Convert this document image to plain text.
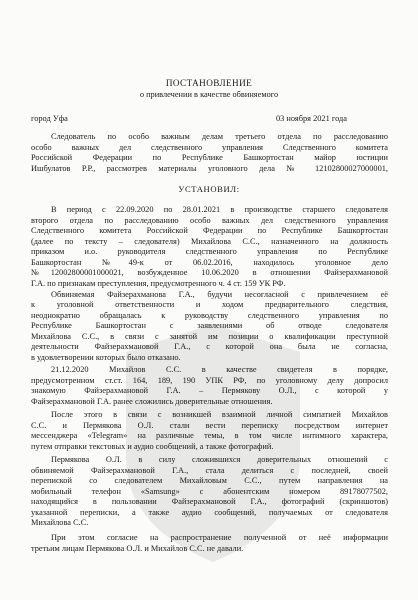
ПОСТАНОВЛЕНИЕ
о привлечении в качестве обвиняемого
город Уфа	03 ноября 2021 года
Следователь по особо важным делам третьего отдела по расследованию
особо важных дел следственного управления Следственного комитета
Российской Федерации по Республике Башкортостан майор юстиции
Ишбулатов Р.Р., рассмотрев материалы уголовного дела № 12102800027000001,
УСТАНОВИЛ:
В период с 22.09.2020 по 28.01.2021 в производстве старшего следователя
второго отдела по расследованию особо важных дел следственного управления
Следственного комитета Российской Федерации по Республике Башкортостан
(далее по тексту – следователя) Михайлова С.С., назначенного на должность
приказом и.о. руководителя следственного управления по Республике
Башкортостан №49-к от 06.02.2016, находилось уголовное дело
№12002800001000021, возбужденное 10.06.2020 в отношении Файзерахмановой
Г.А. по признакам преступления, предусмотренного ч. 4 ст. 159 УК РФ.
Обвиняемая Файзерахманова Г.А., будучи несогласной с привлечением её
к уголовной ответственности и ходом предварительного следствия,
неоднократно обращалась к руководству следственного управления по
Республике Башкортостан с заявлениями об отводе следователя
Михайлова С.С., в связи с занятой им позиции о квалификации преступной
деятельности Файзерахмановой Г.А., с которой она была не согласна,
в удовлетворении которых было отказано.
21.12.2020 Михайлов С.С. в качестве свидетеля в порядке,
предусмотренном ст.ст. 164, 189, 190 УПК РФ, по уголовному делу допросил
знакомую Файзерахмановой Г.А. – Пермякову О.Л., с которой у
Файзерахмановой Г.А. ранее сложились доверительные отношения.
После этого в связи с возникшей взаимной личной симпатией Михайлов
С.С. и Пермякова О.Л. стали вести переписку посредством интернет
мессенджера «Telegram» на различные темы, в том числе интимного характера,
путем отправки текстовых и аудио сообщений, а также фотографий.
Пермякова О.Л. в силу сложившихся доверительных отношений с
обвиняемой Файзерахмановой Г.А., стала делиться с последней, своей
перепиской со следователем Михайловым С.С., путем направления на
мобильный телефон «Samsung» с абонентским номером 89178077502,
находящийся в пользовании Файзерахмановой Г.А., фотографий (скриншотов)
указанной переписки, а также аудио сообщений, получаемых от следователя
Михайлова С.С.
При этом согласие на распространение полученной от неё информации
третьим лицам Пермякова О.Л. и Михайлов С.С. не давали.
